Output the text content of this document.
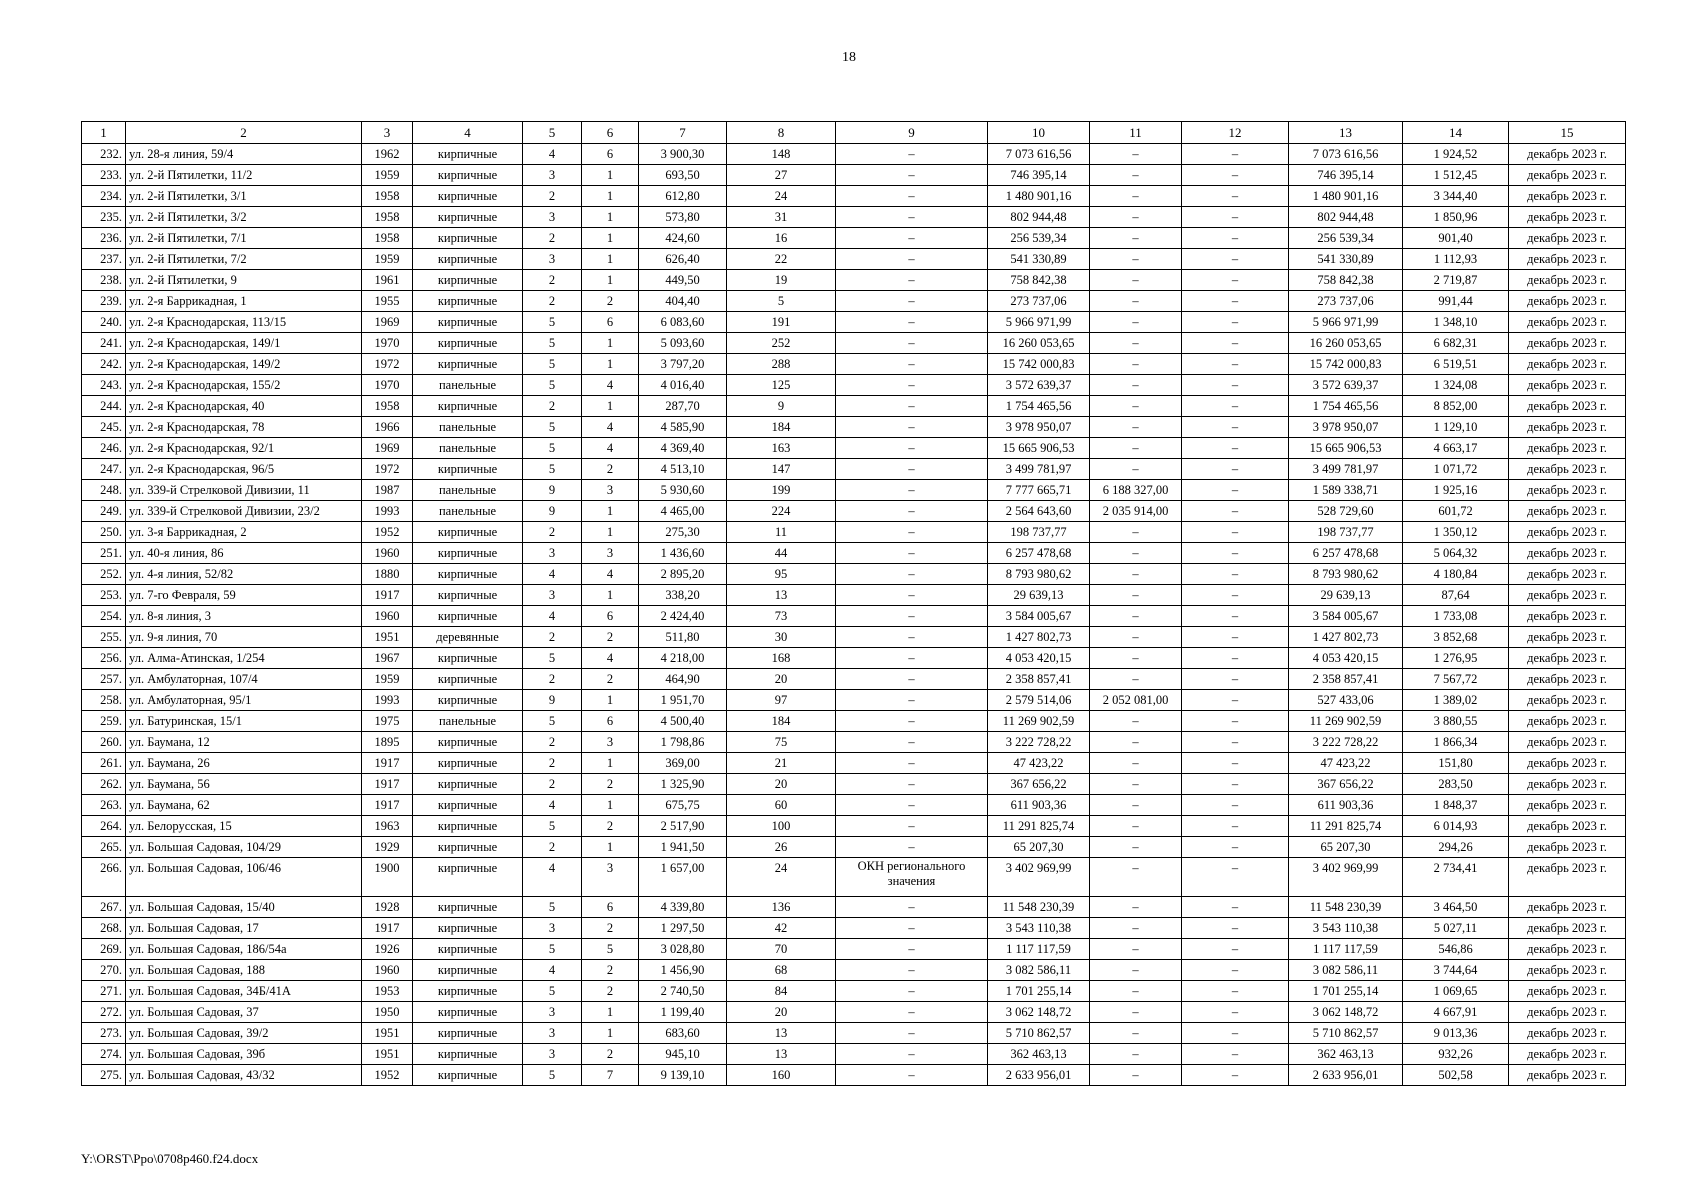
18
1	2	3	4	5	6	7	8	9	10	11	12	13	14	15
232.	ул. 28-я линия, 59/4	1962	кирпичные	4	6	3 900,30	148	–	7 073 616,56	–	–	7 073 616,56	1 924,52	декабрь 2023 г.
233.	ул. 2-й Пятилетки, 11/2	1959	кирпичные	3	1	693,50	27	–	746 395,14	–	–	746 395,14	1 512,45	декабрь 2023 г.
234.	ул. 2-й Пятилетки, 3/1	1958	кирпичные	2	1	612,80	24	–	1 480 901,16	–	–	1 480 901,16	3 344,40	декабрь 2023 г.
235.	ул. 2-й Пятилетки, 3/2	1958	кирпичные	3	1	573,80	31	–	802 944,48	–	–	802 944,48	1 850,96	декабрь 2023 г.
236.	ул. 2-й Пятилетки, 7/1	1958	кирпичные	2	1	424,60	16	–	256 539,34	–	–	256 539,34	901,40	декабрь 2023 г.
237.	ул. 2-й Пятилетки, 7/2	1959	кирпичные	3	1	626,40	22	–	541 330,89	–	–	541 330,89	1 112,93	декабрь 2023 г.
238.	ул. 2-й Пятилетки, 9	1961	кирпичные	2	1	449,50	19	–	758 842,38	–	–	758 842,38	2 719,87	декабрь 2023 г.
239.	ул. 2-я Баррикадная, 1	1955	кирпичные	2	2	404,40	5	–	273 737,06	–	–	273 737,06	991,44	декабрь 2023 г.
240.	ул. 2-я Краснодарская, 113/15	1969	кирпичные	5	6	6 083,60	191	–	5 966 971,99	–	–	5 966 971,99	1 348,10	декабрь 2023 г.
241.	ул. 2-я Краснодарская, 149/1	1970	кирпичные	5	1	5 093,60	252	–	16 260 053,65	–	–	16 260 053,65	6 682,31	декабрь 2023 г.
242.	ул. 2-я Краснодарская, 149/2	1972	кирпичные	5	1	3 797,20	288	–	15 742 000,83	–	–	15 742 000,83	6 519,51	декабрь 2023 г.
243.	ул. 2-я Краснодарская, 155/2	1970	панельные	5	4	4 016,40	125	–	3 572 639,37	–	–	3 572 639,37	1 324,08	декабрь 2023 г.
244.	ул. 2-я Краснодарская, 40	1958	кирпичные	2	1	287,70	9	–	1 754 465,56	–	–	1 754 465,56	8 852,00	декабрь 2023 г.
245.	ул. 2-я Краснодарская, 78	1966	панельные	5	4	4 585,90	184	–	3 978 950,07	–	–	3 978 950,07	1 129,10	декабрь 2023 г.
246.	ул. 2-я Краснодарская, 92/1	1969	панельные	5	4	4 369,40	163	–	15 665 906,53	–	–	15 665 906,53	4 663,17	декабрь 2023 г.
247.	ул. 2-я Краснодарская, 96/5	1972	кирпичные	5	2	4 513,10	147	–	3 499 781,97	–	–	3 499 781,97	1 071,72	декабрь 2023 г.
248.	ул. 339-й Стрелковой Дивизии, 11	1987	панельные	9	3	5 930,60	199	–	7 777 665,71	6 188 327,00	–	1 589 338,71	1 925,16	декабрь 2023 г.
249.	ул. 339-й Стрелковой Дивизии, 23/2	1993	панельные	9	1	4 465,00	224	–	2 564 643,60	2 035 914,00	–	528 729,60	601,72	декабрь 2023 г.
250.	ул. 3-я Баррикадная, 2	1952	кирпичные	2	1	275,30	11	–	198 737,77	–	–	198 737,77	1 350,12	декабрь 2023 г.
251.	ул. 40-я линия, 86	1960	кирпичные	3	3	1 436,60	44	–	6 257 478,68	–	–	6 257 478,68	5 064,32	декабрь 2023 г.
252.	ул. 4-я линия, 52/82	1880	кирпичные	4	4	2 895,20	95	–	8 793 980,62	–	–	8 793 980,62	4 180,84	декабрь 2023 г.
253.	ул. 7-го Февраля, 59	1917	кирпичные	3	1	338,20	13	–	29 639,13	–	–	29 639,13	87,64	декабрь 2023 г.
254.	ул. 8-я линия, 3	1960	кирпичные	4	6	2 424,40	73	–	3 584 005,67	–	–	3 584 005,67	1 733,08	декабрь 2023 г.
255.	ул. 9-я линия, 70	1951	деревянные	2	2	511,80	30	–	1 427 802,73	–	–	1 427 802,73	3 852,68	декабрь 2023 г.
256.	ул. Алма-Атинская, 1/254	1967	кирпичные	5	4	4 218,00	168	–	4 053 420,15	–	–	4 053 420,15	1 276,95	декабрь 2023 г.
257.	ул. Амбулаторная, 107/4	1959	кирпичные	2	2	464,90	20	–	2 358 857,41	–	–	2 358 857,41	7 567,72	декабрь 2023 г.
258.	ул. Амбулаторная, 95/1	1993	кирпичные	9	1	1 951,70	97	–	2 579 514,06	2 052 081,00	–	527 433,06	1 389,02	декабрь 2023 г.
259.	ул. Батуринская, 15/1	1975	панельные	5	6	4 500,40	184	–	11 269 902,59	–	–	11 269 902,59	3 880,55	декабрь 2023 г.
260.	ул. Баумана, 12	1895	кирпичные	2	3	1 798,86	75	–	3 222 728,22	–	–	3 222 728,22	1 866,34	декабрь 2023 г.
261.	ул. Баумана, 26	1917	кирпичные	2	1	369,00	21	–	47 423,22	–	–	47 423,22	151,80	декабрь 2023 г.
262.	ул. Баумана, 56	1917	кирпичные	2	2	1 325,90	20	–	367 656,22	–	–	367 656,22	283,50	декабрь 2023 г.
263.	ул. Баумана, 62	1917	кирпичные	4	1	675,75	60	–	611 903,36	–	–	611 903,36	1 848,37	декабрь 2023 г.
264.	ул. Белорусская, 15	1963	кирпичные	5	2	2 517,90	100	–	11 291 825,74	–	–	11 291 825,74	6 014,93	декабрь 2023 г.
265.	ул. Большая Садовая, 104/29	1929	кирпичные	2	1	1 941,50	26	–	65 207,30	–	–	65 207,30	294,26	декабрь 2023 г.
266.	ул. Большая Садовая, 106/46	1900	кирпичные	4	3	1 657,00	24	ОКН регионального значения	3 402 969,99	–	–	3 402 969,99	2 734,41	декабрь 2023 г.
267.	ул. Большая Садовая, 15/40	1928	кирпичные	5	6	4 339,80	136	–	11 548 230,39	–	–	11 548 230,39	3 464,50	декабрь 2023 г.
268.	ул. Большая Садовая, 17	1917	кирпичные	3	2	1 297,50	42	–	3 543 110,38	–	–	3 543 110,38	5 027,11	декабрь 2023 г.
269.	ул. Большая Садовая, 186/54а	1926	кирпичные	5	5	3 028,80	70	–	1 117 117,59	–	–	1 117 117,59	546,86	декабрь 2023 г.
270.	ул. Большая Садовая, 188	1960	кирпичные	4	2	1 456,90	68	–	3 082 586,11	–	–	3 082 586,11	3 744,64	декабрь 2023 г.
271.	ул. Большая Садовая, 34Б/41А	1953	кирпичные	5	2	2 740,50	84	–	1 701 255,14	–	–	1 701 255,14	1 069,65	декабрь 2023 г.
272.	ул. Большая Садовая, 37	1950	кирпичные	3	1	1 199,40	20	–	3 062 148,72	–	–	3 062 148,72	4 667,91	декабрь 2023 г.
273.	ул. Большая Садовая, 39/2	1951	кирпичные	3	1	683,60	13	–	5 710 862,57	–	–	5 710 862,57	9 013,36	декабрь 2023 г.
274.	ул. Большая Садовая, 39б	1951	кирпичные	3	2	945,10	13	–	362 463,13	–	–	362 463,13	932,26	декабрь 2023 г.
275.	ул. Большая Садовая, 43/32	1952	кирпичные	5	7	9 139,10	160	–	2 633 956,01	–	–	2 633 956,01	502,58	декабрь 2023 г.
Y:\ORST\Ppo\0708p460.f24.docx
